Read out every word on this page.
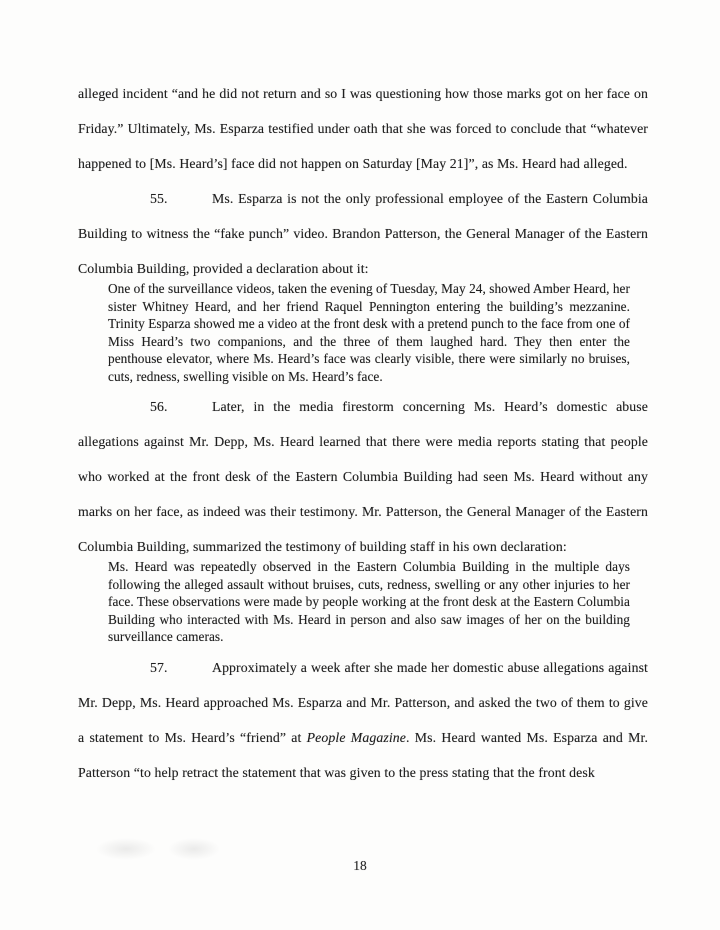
alleged incident “and he did not return and so I was questioning how those marks got on her face on Friday.” Ultimately, Ms. Esparza testified under oath that she was forced to conclude that “whatever happened to [Ms. Heard’s] face did not happen on Saturday [May 21]”, as Ms. Heard had alleged.

55.	Ms. Esparza is not the only professional employee of the Eastern Columbia Building to witness the “fake punch” video. Brandon Patterson, the General Manager of the Eastern Columbia Building, provided a declaration about it:

One of the surveillance videos, taken the evening of Tuesday, May 24, showed Amber Heard, her sister Whitney Heard, and her friend Raquel Pennington entering the building’s mezzanine. Trinity Esparza showed me a video at the front desk with a pretend punch to the face from one of Miss Heard’s two companions, and the three of them laughed hard. They then enter the penthouse elevator, where Ms. Heard’s face was clearly visible, there were similarly no bruises, cuts, redness, swelling visible on Ms. Heard’s face.

56.	Later, in the media firestorm concerning Ms. Heard’s domestic abuse allegations against Mr. Depp, Ms. Heard learned that there were media reports stating that people who worked at the front desk of the Eastern Columbia Building had seen Ms. Heard without any marks on her face, as indeed was their testimony. Mr. Patterson, the General Manager of the Eastern Columbia Building, summarized the testimony of building staff in his own declaration:

Ms. Heard was repeatedly observed in the Eastern Columbia Building in the multiple days following the alleged assault without bruises, cuts, redness, swelling or any other injuries to her face. These observations were made by people working at the front desk at the Eastern Columbia Building who interacted with Ms. Heard in person and also saw images of her on the building surveillance cameras.

57.	Approximately a week after she made her domestic abuse allegations against Mr. Depp, Ms. Heard approached Ms. Esparza and Mr. Patterson, and asked the two of them to give a statement to Ms. Heard’s “friend” at People Magazine. Ms. Heard wanted Ms. Esparza and Mr. Patterson “to help retract the statement that was given to the press stating that the front desk

18
